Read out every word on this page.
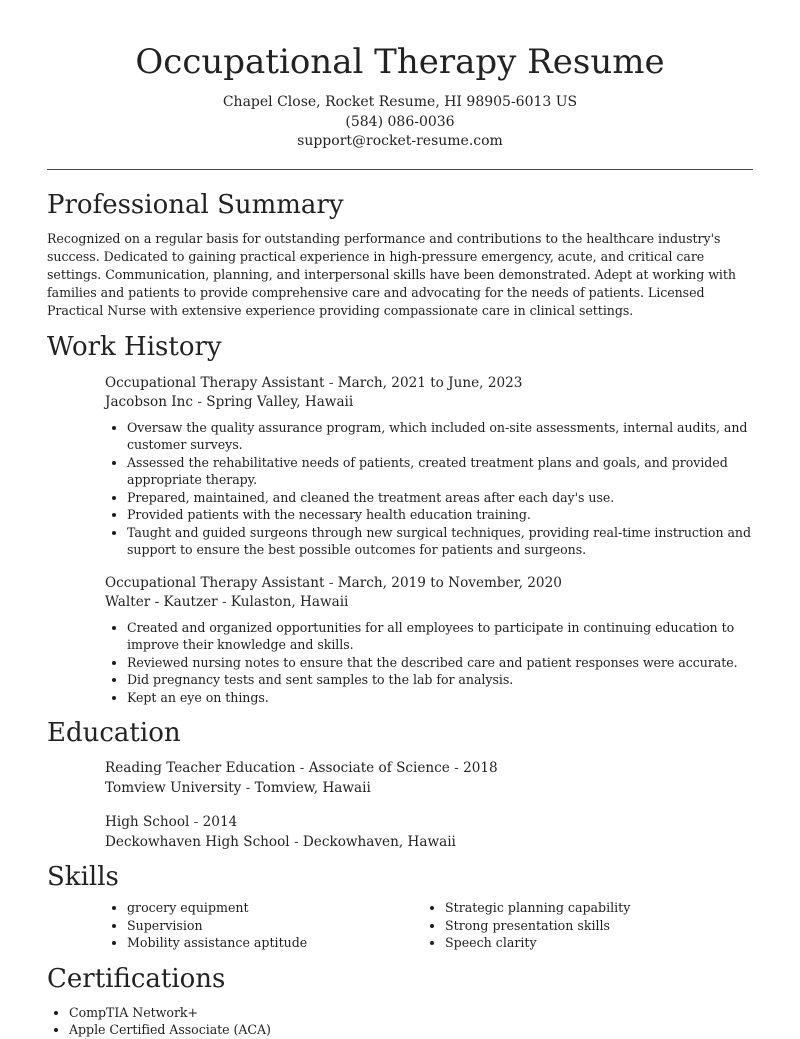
Occupational Therapy Resume
Chapel Close, Rocket Resume, HI 98905-6013 US
(584) 086-0036
support@rocket-resume.com
Professional Summary

Recognized on a regular basis for outstanding performance and contributions to the healthcare industry's success. Dedicated to gaining practical experience in high-pressure emergency, acute, and critical care settings. Communication, planning, and interpersonal skills have been demonstrated. Adept at working with families and patients to provide comprehensive care and advocating for the needs of patients. Licensed Practical Nurse with extensive experience providing compassionate care in clinical settings.

Work History
Occupational Therapy Assistant - March, 2021 to June, 2023
Jacobson Inc - Spring Valley, Hawaii
• Oversaw the quality assurance program, which included on-site assessments, internal audits, and customer surveys.
• Assessed the rehabilitative needs of patients, created treatment plans and goals, and provided appropriate therapy.
• Prepared, maintained, and cleaned the treatment areas after each day's use.
• Provided patients with the necessary health education training.
• Taught and guided surgeons through new surgical techniques, providing real-time instruction and support to ensure the best possible outcomes for patients and surgeons.
Occupational Therapy Assistant - March, 2019 to November, 2020
Walter - Kautzer - Kulaston, Hawaii
• Created and organized opportunities for all employees to participate in continuing education to improve their knowledge and skills.
• Reviewed nursing notes to ensure that the described care and patient responses were accurate.
• Did pregnancy tests and sent samples to the lab for analysis.
• Kept an eye on things.
Education
Reading Teacher Education - Associate of Science - 2018
Tomview University - Tomview, Hawaii
High School - 2014
Deckowhaven High School - Deckowhaven, Hawaii
Skills
• grocery equipment
• Supervision
• Mobility assistance aptitude
• Strategic planning capability
• Strong presentation skills
• Speech clarity
Certifications
• CompTIA Network+
• Apple Certified Associate (ACA)
